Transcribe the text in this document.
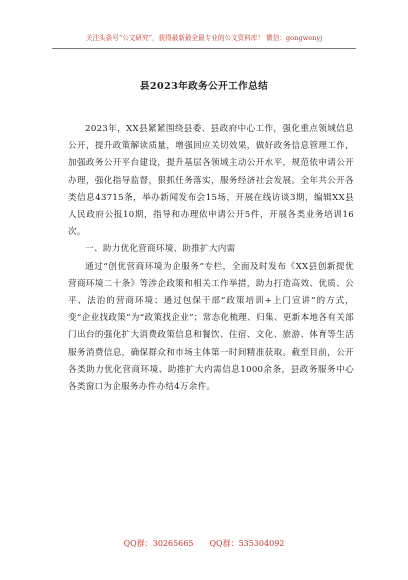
关注头条号“公文研究”，获得最新最全最专业的公文资料库！ 微信：gongwenyj
县2023年政务公开工作总结

2023年，XX县紧紧围绕县委、县政府中心工作，强化重点领域信息公开，提升政策解读质量，增强回应关切效果，做好政务信息管理工作，加强政务公开平台建设，提升基层各领域主动公开水平，规范依申请公开办理，强化指导监督，狠抓任务落实，服务经济社会发展。全年共公开各类信息43715条，举办新闻发布会15场，开展在线访谈3期，编辑XX县人民政府公报10期，指导和办理依申请公开5件，开展各类业务培训16次。

一、助力优化营商环境、助推扩大内需

通过“创优营商环境为企服务”专栏，全面及时发布《XX县创新提优营商环境二十条》等涉企政策和相关工作举措，助力打造高效、优质、公平、法治的营商环境；通过包保干部“政策培训+上门宣讲”的方式，变“企业找政策”为“政策找企业”；常态化梳理、归集、更新本地各有关部门出台的强化扩大消费政策信息和餐饮、住宿、文化、旅游、体育等生活服务消费信息，确保群众和市场主体第一时间精准获取。截至目前，公开各类助力优化营商环境、助推扩大内需信息1000余条，县政务服务中心各类窗口为企服务办件办结4万余件。

QQ群：30265665 QQ群：535304092
